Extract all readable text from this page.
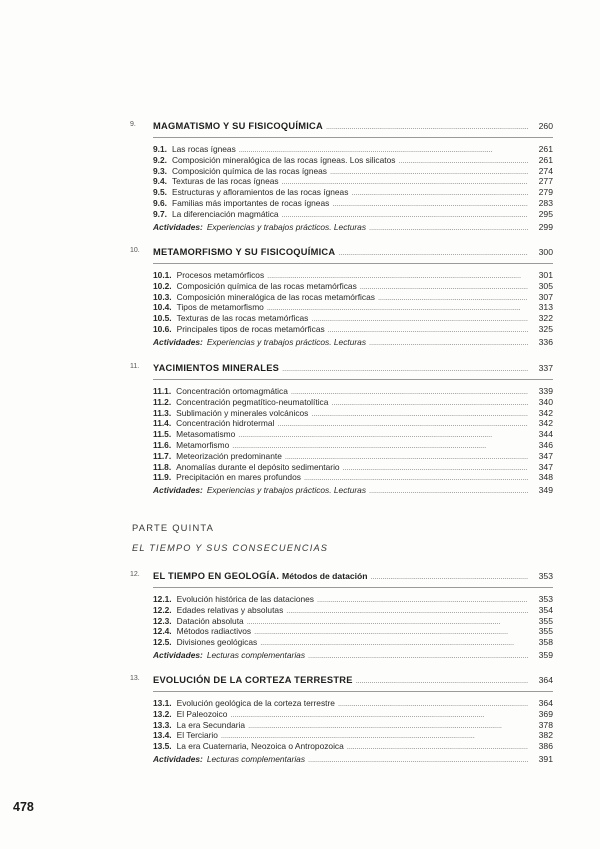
9. MAGMATISMO Y SU FISICOQUÍMICA . . .	260
9.1. Las rocas ígneas . . .	261
9.2. Composición mineralógica de las rocas ígneas. Los silicatos . . .	261
9.3. Composición química de las rocas ígneas . . .	274
9.4. Texturas de las rocas ígneas . . .	277
9.5. Estructuras y afloramientos de las rocas ígneas . . .	279
9.6. Familias más importantes de rocas ígneas . . .	283
9.7. La diferenciación magmática . . .	295
Actividades: Experiencias y trabajos prácticos. Lecturas . . .	299
10. METAMORFISMO Y SU FISICOQUÍMICA . . .	300
10.1. Procesos metamórficos . . .	301
10.2. Composición química de las rocas metamórficas . . .	305
10.3. Composición mineralógica de las rocas metamórficas . . .	307
10.4. Tipos de metamorfismo . . .	313
10.5. Texturas de las rocas metamórficas . . .	322
10.6. Principales tipos de rocas metamórficas . . .	325
Actividades: Experiencias y trabajos prácticos. Lecturas . . .	336
11. YACIMIENTOS MINERALES . . .	337
11.1. Concentración ortomagmática . . .	339
11.2. Concentración pegmatítico-neumatolítica . . .	340
11.3. Sublimación y minerales volcánicos . . .	342
11.4. Concentración hidrotermal . . .	342
11.5. Metasomatismo . . .	344
11.6. Metamorfismo . . .	346
11.7. Meteorización predominante . . .	347
11.8. Anomalías durante el depósito sedimentario . . .	347
11.9. Precipitación en mares profundos . . .	348
Actividades: Experiencias y trabajos prácticos. Lecturas . . .	349
PARTE QUINTA
EL TIEMPO Y SUS CONSECUENCIAS
12. EL TIEMPO EN GEOLOGÍA. Métodos de datación . . .	353
12.1. Evolución histórica de las dataciones . . .	353
12.2. Edades relativas y absolutas . . .	354
12.3. Datación absoluta . . .	355
12.4. Métodos radiactivos . . .	355
12.5. Divisiones geológicas . . .	358
Actividades: Lecturas complementarias . . .	359
13. EVOLUCIÓN DE LA CORTEZA TERRESTRE . . .	364
13.1. Evolución geológica de la corteza terrestre . . .	364
13.2. El Paleozoico . . .	369
13.3. La era Secundaria . . .	378
13.4. El Terciario . . .	382
13.5. La era Cuaternaria, Neozoica o Antropozoica . . .	386
Actividades: Lecturas complementarias . . .	391
478
